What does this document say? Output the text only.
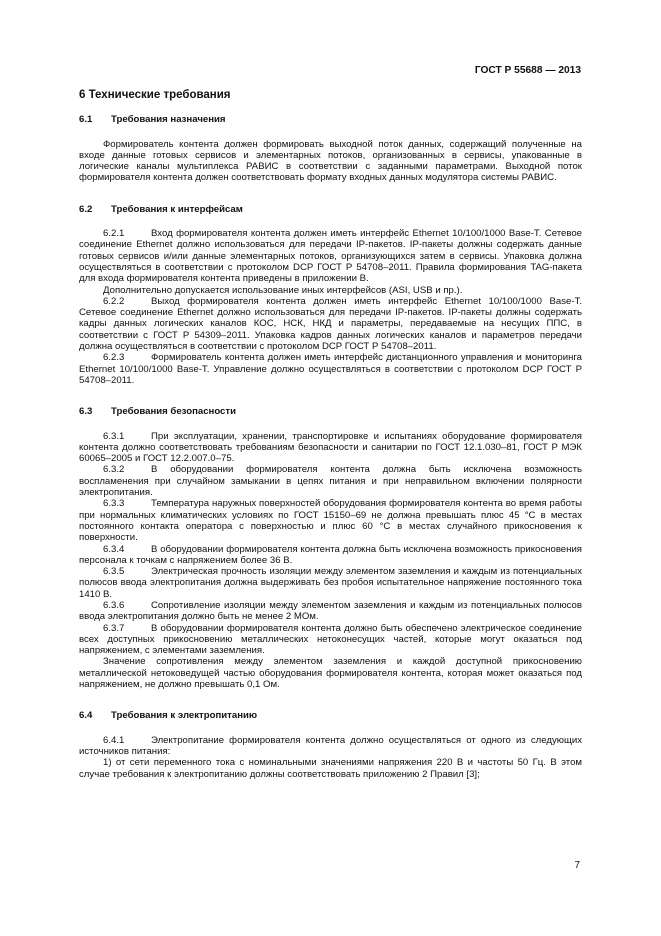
ГОСТ Р 55688 — 2013
6 Технические требования
6.1	Требования назначения

Формирователь контента должен формировать выходной поток данных, содержащий полученные на входе данные готовых сервисов и элементарных потоков, организованных в сервисы, упакованные в логические каналы мультиплекса РАВИС в соответствии с заданными параметрами. Выходной поток формирователя контента должен соответствовать формату входных данных модулятора системы РАВИС.

6.2	Требования к интерфейсам

6.2.1	Вход формирователя контента должен иметь интерфейс Ethernet 10/100/1000 Base-T. Сетевое соединение Ethernet должно использоваться для передачи IP-пакетов. IP-пакеты должны содержать данные готовых сервисов и/или данные элементарных потоков, организующихся затем в сервисы. Упаковка должна осуществляться в соответствии с протоколом DCP ГОСТ Р 54708–2011. Правила формирования TAG-пакета для входа формирователя контента приведены в приложении В.

Дополнительно допускается использование иных интерфейсов (ASI, USB и пр.).

6.2.2	Выход формирователя контента должен иметь интерфейс Ethernet 10/100/1000 Base-T. Сетевое соединение Ethernet должно использоваться для передачи IP-пакетов. IP-пакеты должны содержать кадры данных логических каналов КОС, НСК, НКД и параметры, передаваемые на несущих ППС, в соответствии с ГОСТ Р 54309–2011. Упаковка кадров данных логических каналов и параметров передачи должна осуществляться в соответствии с протоколом DCP ГОСТ Р 54708–2011.

6.2.3	Формирователь контента должен иметь интерфейс дистанционного управления и мониторинга Ethernet 10/100/1000 Base-T. Управление должно осуществляться в соответствии с протоколом DCP ГОСТ Р 54708–2011.

6.3	Требования безопасности

6.3.1	При эксплуатации, хранении, транспортировке и испытаниях оборудование формирователя контента должно соответствовать требованиям безопасности и санитарии по ГОСТ 12.1.030–81, ГОСТ Р МЭК 60065–2005 и ГОСТ 12.2.007.0–75.

6.3.2	В оборудовании формирователя контента должна быть исключена возможность воспламенения при случайном замыкании в цепях питания и при неправильном включении полярности электропитания.

6.3.3	Температура наружных поверхностей оборудования формирователя контента во время работы при нормальных климатических условиях по ГОСТ 15150–69 не должна превышать плюс 45 °С в местах постоянного контакта оператора с поверхностью и плюс 60 °С в местах случайного прикосновения к поверхности.

6.3.4	В оборудовании формирователя контента должна быть исключена возможность прикосновения персонала к точкам с напряжением более 36 В.

6.3.5	Электрическая прочность изоляции между элементом заземления и каждым из потенциальных полюсов ввода электропитания должна выдерживать без пробоя испытательное напряжение постоянного тока 1410 В.

6.3.6	Сопротивление изоляции между элементом заземления и каждым из потенциальных полюсов ввода электропитания должно быть не менее 2 МОм.

6.3.7	В оборудовании формирователя контента должно быть обеспечено электрическое соединение всех доступных прикосновению металлических нетоконесущих частей, которые могут оказаться под напряжением, с элементами заземления.

Значение сопротивления между элементом заземления и каждой доступной прикосновению металлической нетоковедущей частью оборудования формирователя контента, которая может оказаться под напряжением, не должно превышать 0,1 Ом.

6.4	Требования к электропитанию

6.4.1	Электропитание формирователя контента должно осуществляться от одного из следующих источников питания:

1) от сети переменного тока с номинальными значениями напряжения 220 В и частоты 50 Гц. В этом случае требования к электропитанию должны соответствовать приложению 2 Правил [3];

7
